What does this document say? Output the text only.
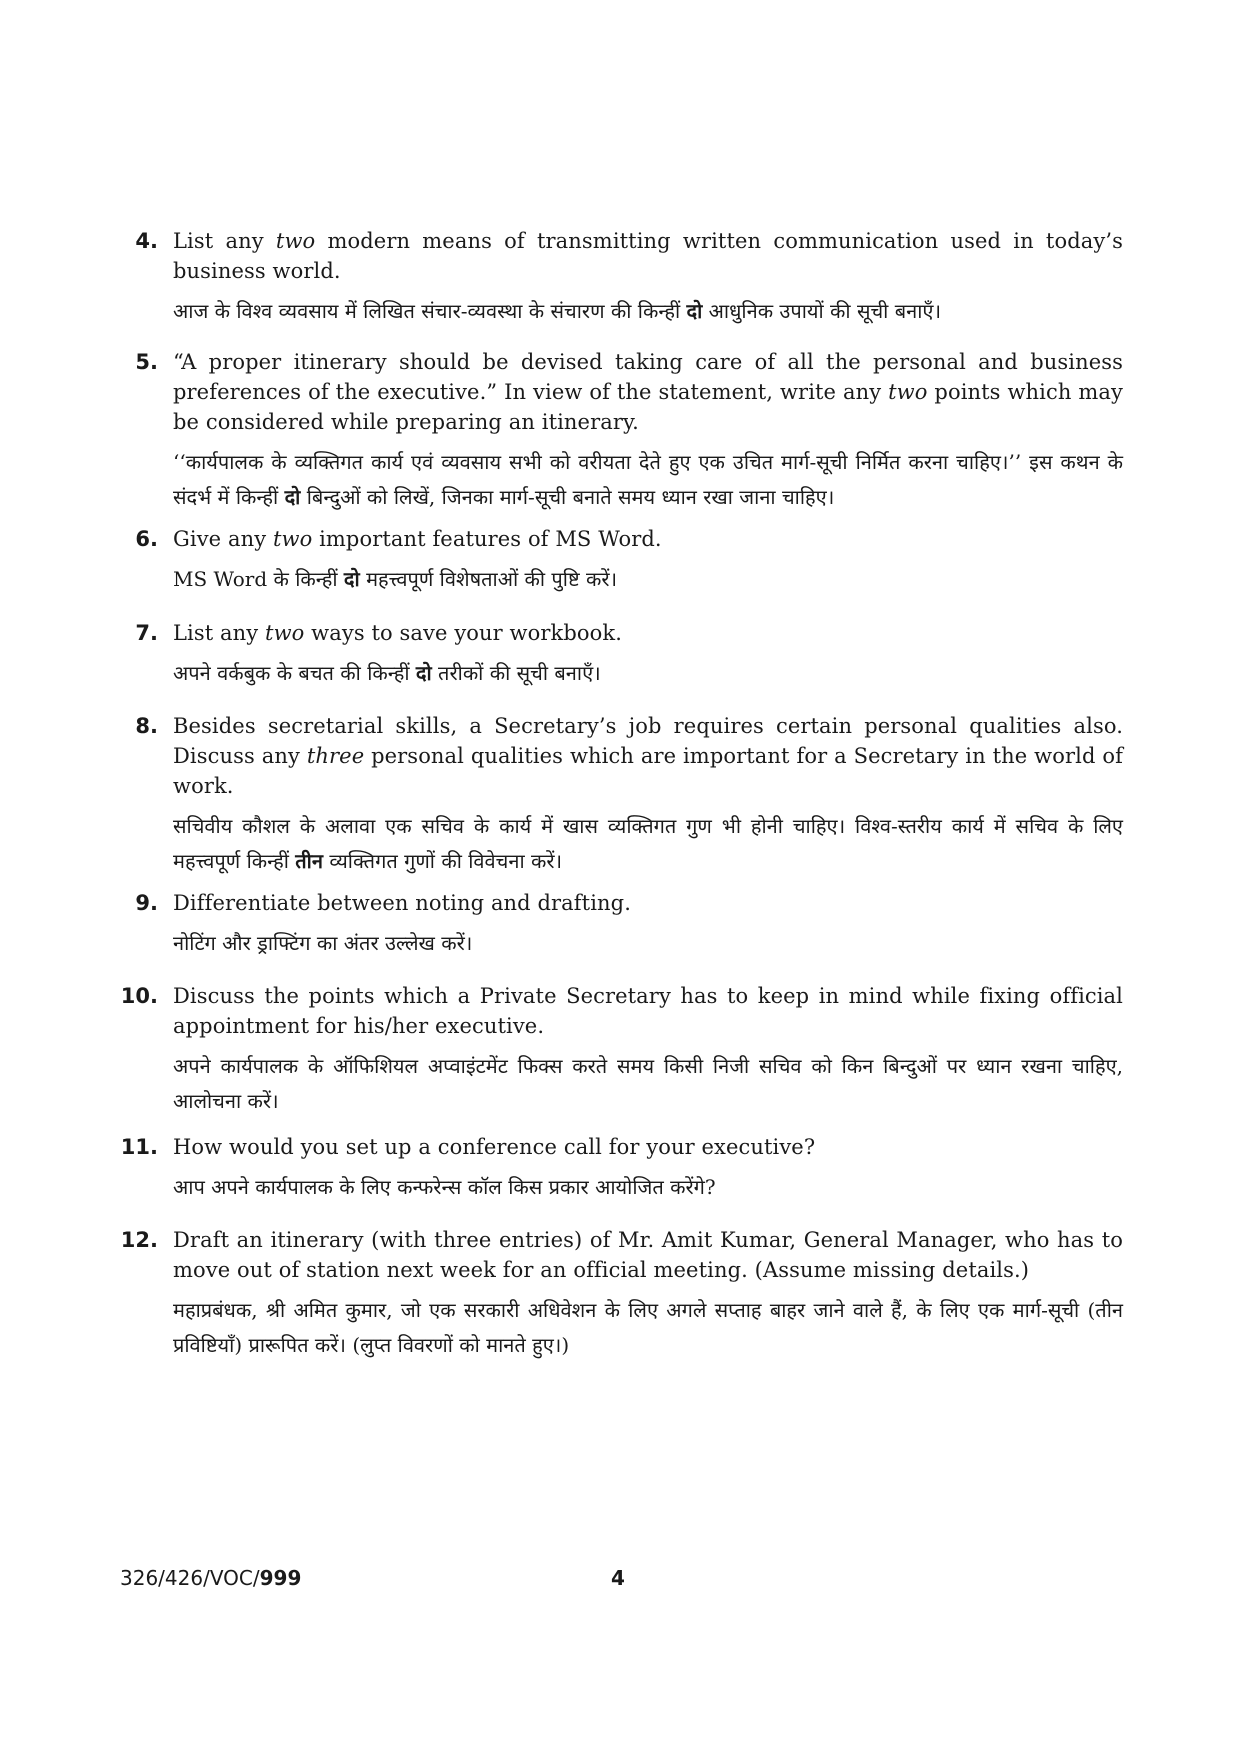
4. List any two modern means of transmitting written communication used in today’s business world.

आज के विश्व व्यवसाय में लिखित संचार-व्यवस्था के संचारण की किन्हीं दो आधुनिक उपायों की सूची बनाएँ।

5. “A proper itinerary should be devised taking care of all the personal and business preferences of the executive.” In view of the statement, write any two points which may be considered while preparing an itinerary.

‘‘कार्यपालक के व्यक्तिगत कार्य एवं व्यवसाय सभी को वरीयता देते हुए एक उचित मार्ग-सूची निर्मित करना चाहिए।’’ इस कथन के संदर्भ में किन्हीं दो बिन्दुओं को लिखें, जिनका मार्ग-सूची बनाते समय ध्यान रखा जाना चाहिए।

6. Give any two important features of MS Word.

MS Word के किन्हीं दो महत्त्वपूर्ण विशेषताओं की पुष्टि करें।

7. List any two ways to save your workbook.

अपने वर्कबुक के बचत की किन्हीं दो तरीकों की सूची बनाएँ।

8. Besides secretarial skills, a Secretary’s job requires certain personal qualities also. Discuss any three personal qualities which are important for a Secretary in the world of work.

सचिवीय कौशल के अलावा एक सचिव के कार्य में खास व्यक्तिगत गुण भी होनी चाहिए। विश्व-स्तरीय कार्य में सचिव के लिए महत्त्वपूर्ण किन्हीं तीन व्यक्तिगत गुणों की विवेचना करें।

9. Differentiate between noting and drafting.

नोटिंग और ड्राफ्टिंग का अंतर उल्लेख करें।

10. Discuss the points which a Private Secretary has to keep in mind while fixing official appointment for his/her executive.

अपने कार्यपालक के ऑफिशियल अप्वाइंटमेंट फिक्स करते समय किसी निजी सचिव को किन बिन्दुओं पर ध्यान रखना चाहिए, आलोचना करें।

11. How would you set up a conference call for your executive?

आप अपने कार्यपालक के लिए कन्फरेन्स कॉल किस प्रकार आयोजित करेंगे?

12. Draft an itinerary (with three entries) of Mr. Amit Kumar, General Manager, who has to move out of station next week for an official meeting. (Assume missing details.)

महाप्रबंधक, श्री अमित कुमार, जो एक सरकारी अधिवेशन के लिए अगले सप्ताह बाहर जाने वाले हैं, के लिए एक मार्ग-सूची (तीन प्रविष्टियाँ) प्रारूपित करें। (लुप्त विवरणों को मानते हुए।)

326/426/VOC/999	4
